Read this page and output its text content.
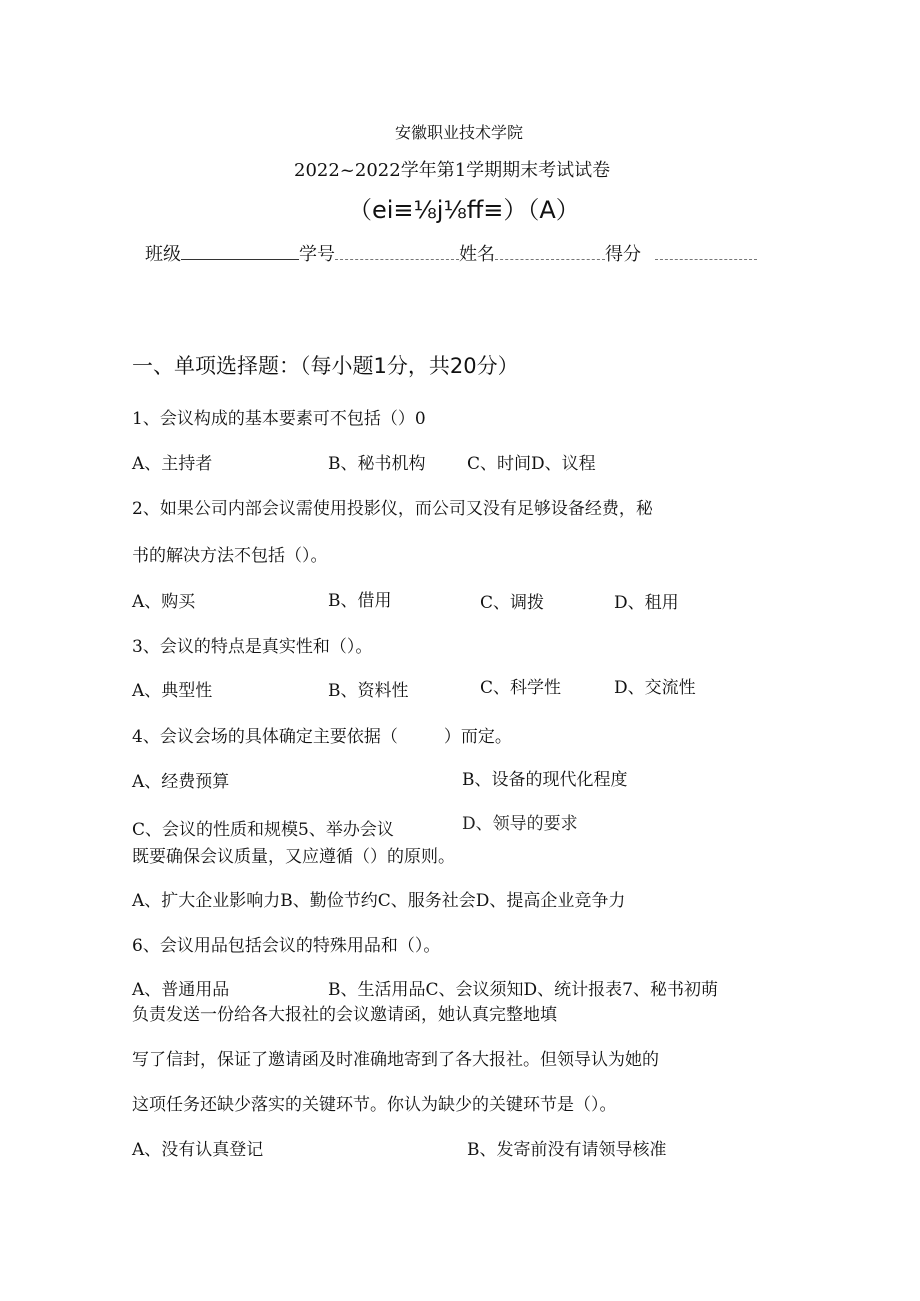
安徽职业技术学院
2022~2022学年第1学期期末考试试卷
（ei≡⅛j⅛ff≡）（A）
班级	学号	姓名	得分
一、单项选择题：（每小题1分，共20分）
1、会议构成的基本要素可不包括（）0
A、主持者	B、秘书机构 C、时间D、议程
2、如果公司内部会议需使用投影仪，而公司又没有足够设备经费，秘
书的解决方法不包括（）。
A、购买	B、借用	C、调拨	D、租用
3、会议的特点是真实性和（）。
A、典型性	B、资料性	C、科学性	D、交流性
4、会议会场的具体确定主要依据（	）而定。
A、经费预算	B、设备的现代化程度
C、会议的性质和规模5、举办会议	D、领导的要求
既要确保会议质量，又应遵循（）的原则。
A、扩大企业影响力B、勤俭节约C、服务社会D、提高企业竞争力
6、会议用品包括会议的特殊用品和（）。
A、普通用品	B、生活用品C、会议须知D、统计报表7、秘书初萌
负责发送一份给各大报社的会议邀请函，她认真完整地填
写了信封，保证了邀请函及时准确地寄到了各大报社。但领导认为她的
这项任务还缺少落实的关键环节。你认为缺少的关键环节是（）。
A、没有认真登记	B、发寄前没有请领导核准
